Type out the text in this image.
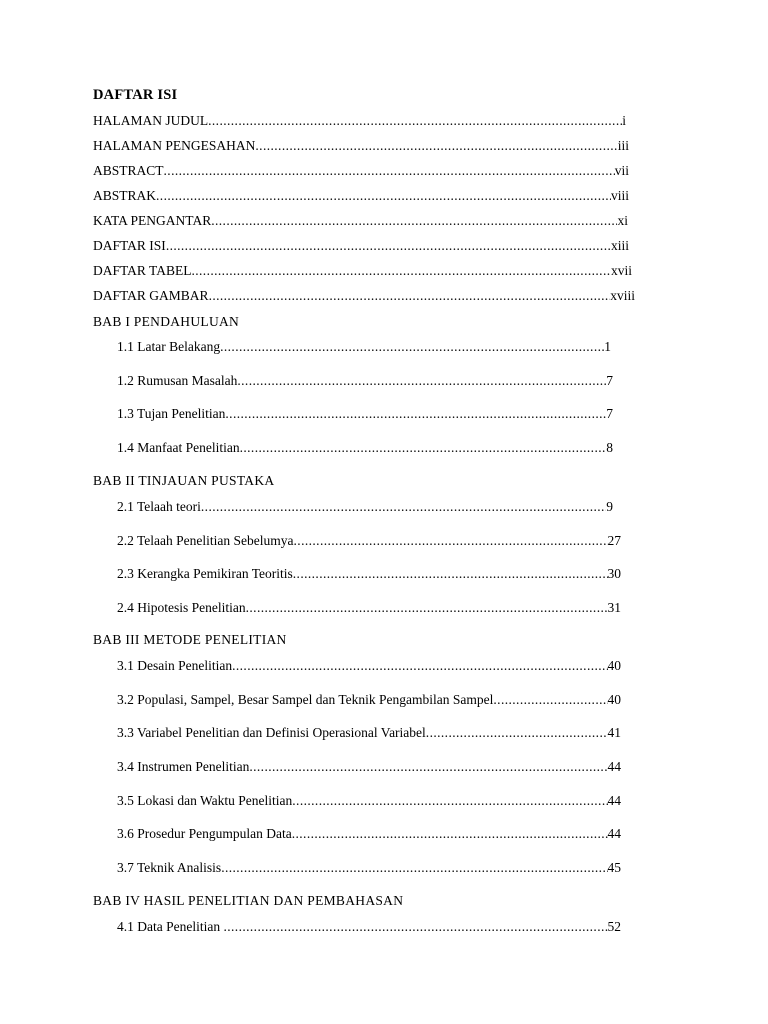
DAFTAR ISI
HALAMAN JUDUL .....	i
HALAMAN PENGESAHAN .....	iii
ABSTRACT .....	vii
ABSTRAK .....	viii
KATA PENGANTAR .....	xi
DAFTAR ISI .....	xiii
DAFTAR TABEL .....	xvii
DAFTAR GAMBAR .....	xviii
BAB I PENDAHULUAN
1.1 Latar Belakang .....	1
1.2 Rumusan Masalah .....	7
1.3 Tujan Penelitian .....	7
1.4 Manfaat Penelitian .....	8
BAB II TINJAUAN PUSTAKA
2.1 Telaah teori .....	9
2.2 Telaah Penelitian Sebelumya .....	27
2.3 Kerangka Pemikiran Teoritis .....	30
2.4 Hipotesis Penelitian .....	31
BAB III METODE PENELITIAN
3.1 Desain Penelitian .....	40
3.2 Populasi, Sampel, Besar Sampel dan Teknik Pengambilan Sampel .....	40
3.3 Variabel Penelitian dan Definisi Operasional Variabel .....	41
3.4 Instrumen Penelitian .....	44
3.5 Lokasi dan Waktu Penelitian .....	44
3.6 Prosedur Pengumpulan Data .....	44
3.7 Teknik Analisis .....	45
BAB IV HASIL PENELITIAN DAN PEMBAHASAN
4.1 Data Penelitian .....	52
